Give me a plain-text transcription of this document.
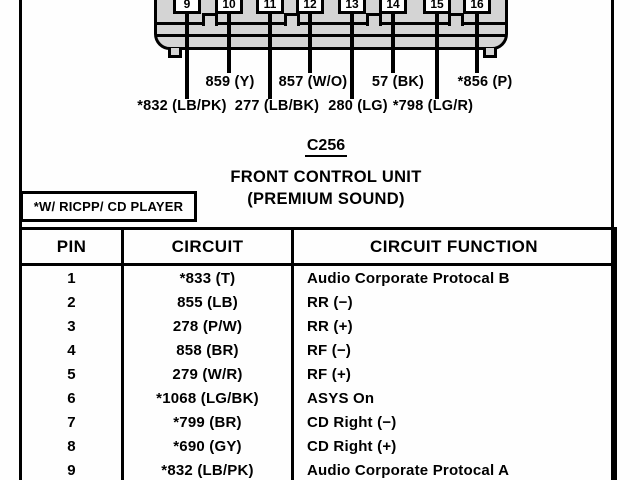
9	10	11	12	13	14	15	16
859 (Y) 857 (W/O) 57 (BK) *856 (P)
*832 (LB/PK) 277 (LB/BK) 280 (LG) *798 (LG/R)
C256
FRONT CONTROL UNIT
(PREMIUM SOUND)
*W/ RICPP/ CD PLAYER
PIN	CIRCUIT	CIRCUIT FUNCTION
1	*833 (T)	Audio Corporate Protocal B
2	855 (LB)	RR (−)
3	278 (P/W)	RR (+)
4	858 (BR)	RF (−)
5	279 (W/R)	RF (+)
6	*1068 (LG/BK)	ASYS On
7	*799 (BR)	CD Right (−)
8	*690 (GY)	CD Right (+)
9	*832 (LB/PK)	Audio Corporate Protocal A
